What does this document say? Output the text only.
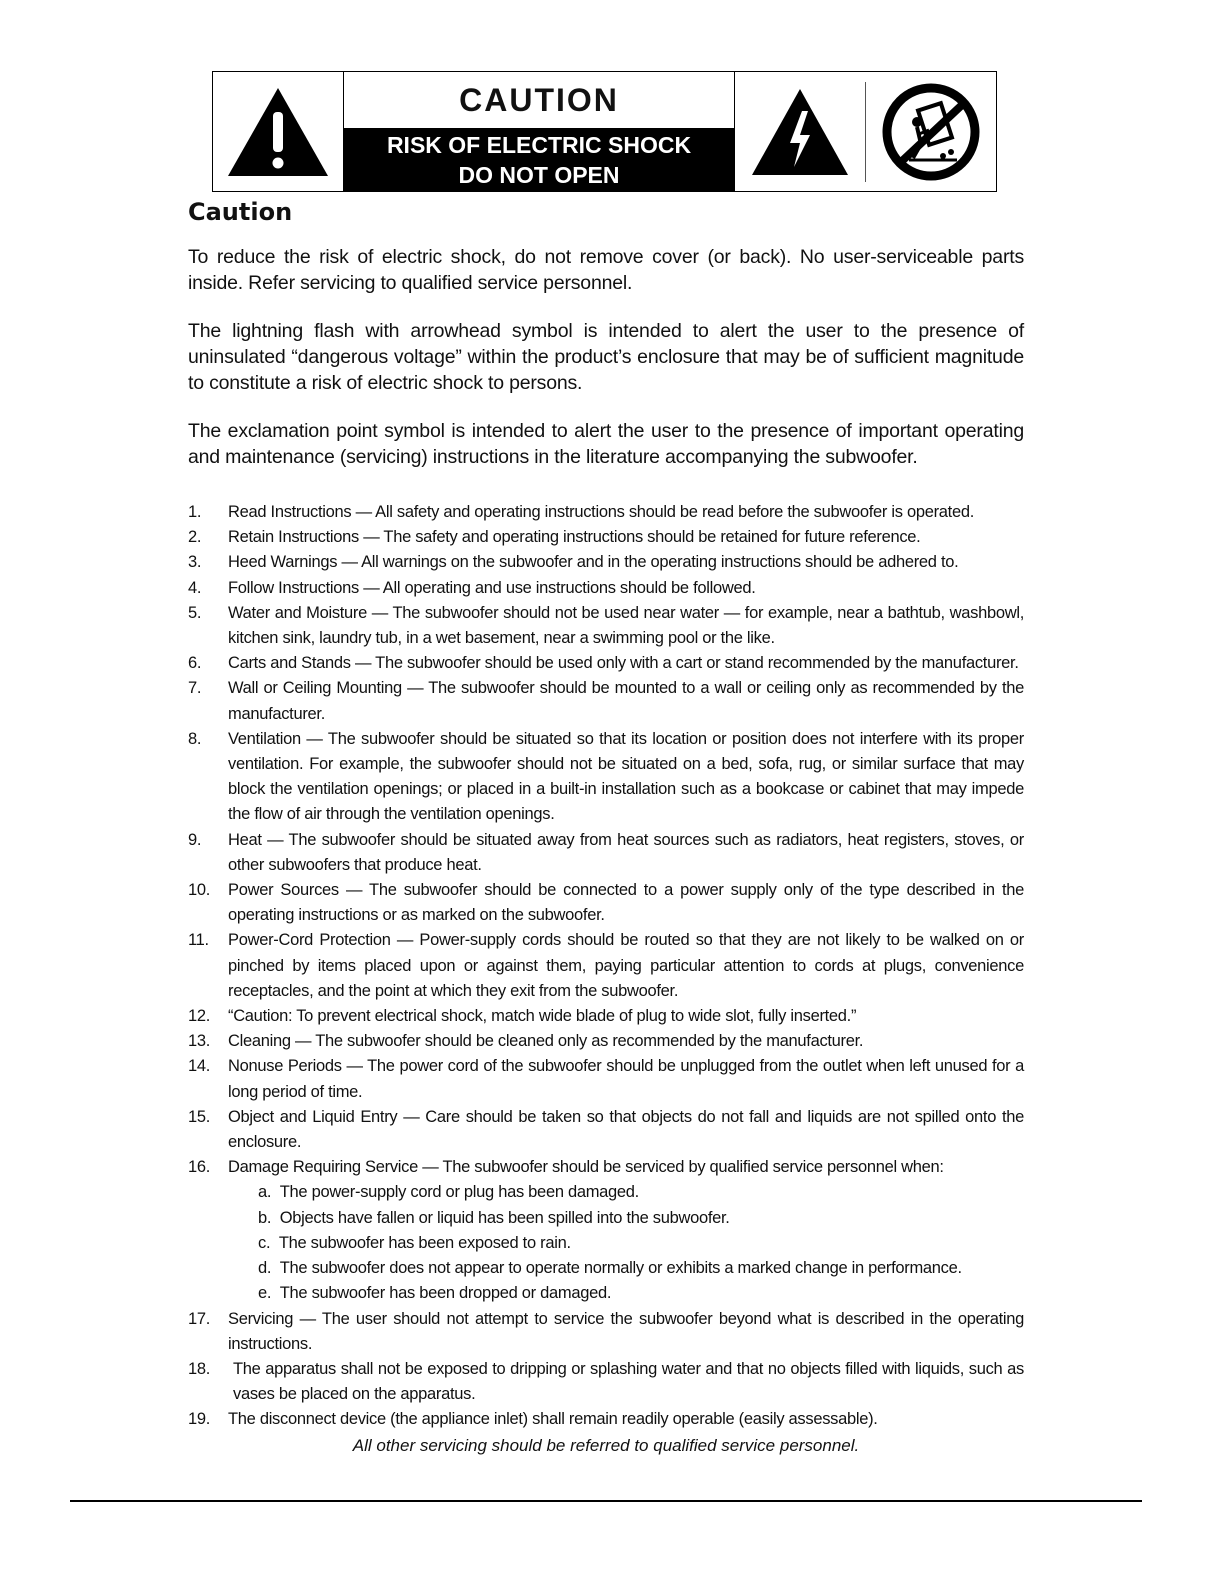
CAUTION
RISK OF ELECTRIC SHOCK
DO NOT OPEN
Caution

To reduce the risk of electric shock, do not remove cover (or back). No user-serviceable parts inside. Refer servicing to qualified service personnel.

The lightning flash with arrowhead symbol is intended to alert the user to the presence of uninsulated “dangerous voltage” within the product’s enclosure that may be of sufficient magnitude to constitute a risk of electric shock to persons.

The exclamation point symbol is intended to alert the user to the presence of important operating and maintenance (servicing) instructions in the literature accompanying the subwoofer.

1.	Read Instructions — All safety and operating instructions should be read before the subwoofer is operated.
2.	Retain Instructions — The safety and operating instructions should be retained for future reference.
3.	Heed Warnings — All warnings on the subwoofer and in the operating instructions should be adhered to.
4.	Follow Instructions — All operating and use instructions should be followed.
5.	Water and Moisture — The subwoofer should not be used near water — for example, near a bathtub, washbowl, kitchen sink, laundry tub, in a wet basement, near a swimming pool or the like.
6.	Carts and Stands — The subwoofer should be used only with a cart or stand recommended by the manufacturer.
7.	Wall or Ceiling Mounting — The subwoofer should be mounted to a wall or ceiling only as recommended by the manufacturer.
8.	Ventilation — The subwoofer should be situated so that its location or position does not interfere with its proper ventilation. For example, the subwoofer should not be situated on a bed, sofa, rug, or similar surface that may block the ventilation openings; or placed in a built-in installation such as a bookcase or cabinet that may impede the flow of air through the ventilation openings.
9.	Heat — The subwoofer should be situated away from heat sources such as radiators, heat registers, stoves, or other subwoofers that produce heat.
10.	Power Sources — The subwoofer should be connected to a power supply only of the type described in the operating instructions or as marked on the subwoofer.
11.	Power-Cord Protection — Power-supply cords should be routed so that they are not likely to be walked on or pinched by items placed upon or against them, paying particular attention to cords at plugs, convenience receptacles, and the point at which they exit from the subwoofer.
12.	“Caution: To prevent electrical shock, match wide blade of plug to wide slot, fully inserted.”
13.	Cleaning — The subwoofer should be cleaned only as recommended by the manufacturer.
14.	Nonuse Periods — The power cord of the subwoofer should be unplugged from the outlet when left unused for a long period of time.
15.	Object and Liquid Entry — Care should be taken so that objects do not fall and liquids are not spilled onto the enclosure.
16.	Damage Requiring Service — The subwoofer should be serviced by qualified service personnel when:
a. The power-supply cord or plug has been damaged.
b. Objects have fallen or liquid has been spilled into the subwoofer.
c. The subwoofer has been exposed to rain.
d. The subwoofer does not appear to operate normally or exhibits a marked change in performance.
e. The subwoofer has been dropped or damaged.
17.	Servicing — The user should not attempt to service the subwoofer beyond what is described in the operating instructions.
18.	The apparatus shall not be exposed to dripping or splashing water and that no objects filled with liquids, such as vases be placed on the apparatus.
19.	The disconnect device (the appliance inlet) shall remain readily operable (easily assessable).
All other servicing should be referred to qualified service personnel.
